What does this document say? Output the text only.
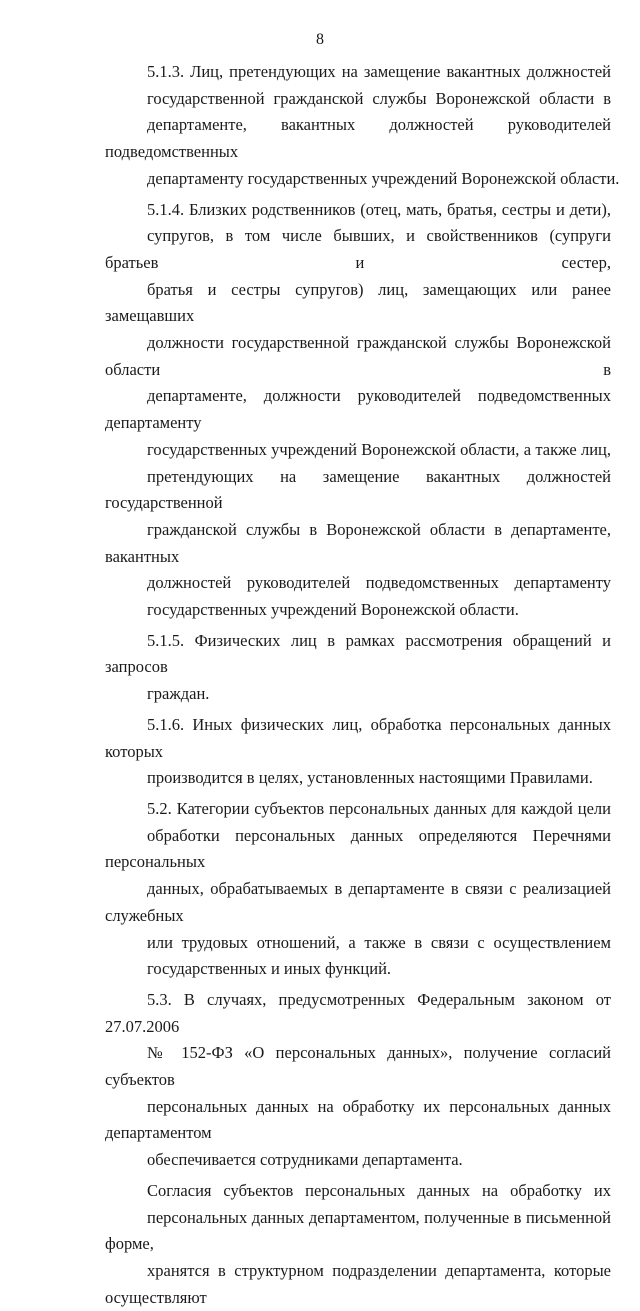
8

5.1.3. Лиц, претендующих на замещение вакантных должностей
государственной гражданской службы Воронежской области в
департаменте, вакантных должностей руководителей подведомственных
департаменту государственных учреждений Воронежской области.

5.1.4. Близких родственников (отец, мать, братья, сестры и дети),
супругов, в том числе бывших, и свойственников (супруги братьев и сестер,
братья и сестры супругов) лиц, замещающих или ранее замещавших
должности государственной гражданской службы Воронежской области в
департаменте, должности руководителей подведомственных департаменту
государственных учреждений Воронежской области, а также лиц,
претендующих на замещение вакантных должностей государственной
гражданской службы в Воронежской области в департаменте, вакантных
должностей руководителей подведомственных департаменту
государственных учреждений Воронежской области.

5.1.5. Физических лиц в рамках рассмотрения обращений и запросов
граждан.

5.1.6. Иных физических лиц, обработка персональных данных которых
производится в целях, установленных настоящими Правилами.

5.2. Категории субъектов персональных данных для каждой цели
обработки персональных данных определяются Перечнями персональных
данных, обрабатываемых в департаменте в связи с реализацией служебных
или трудовых отношений, а также в связи с осуществлением
государственных и иных функций.

5.3. В случаях, предусмотренных Федеральным законом от 27.07.2006
№ 152-ФЗ «О персональных данных», получение согласий субъектов
персональных данных на обработку их персональных данных департаментом
обеспечивается сотрудниками департамента.

Согласия субъектов персональных данных на обработку их
персональных данных департаментом, полученные в письменной форме,
хранятся в структурном подразделении департамента, которые осуществляют
